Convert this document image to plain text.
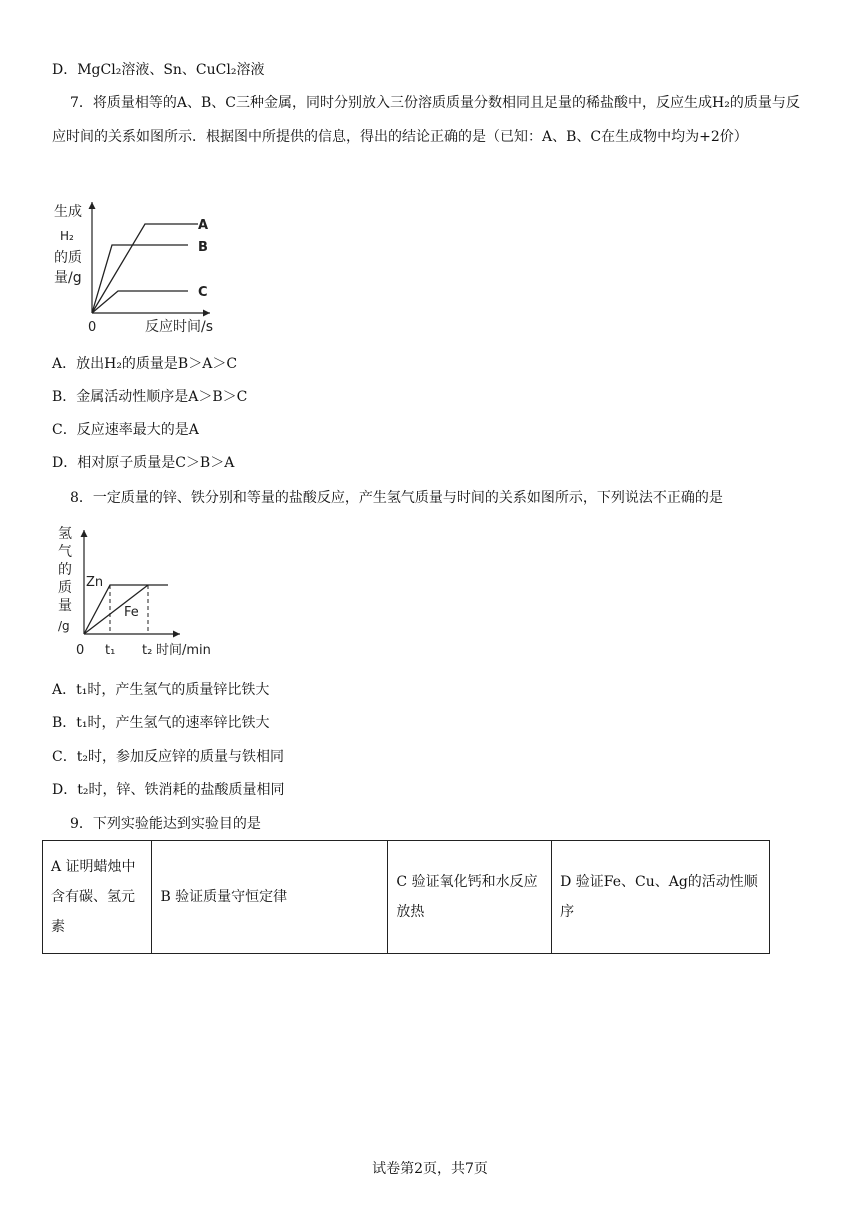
D．MgCl₂溶液、Sn、CuCl₂溶液
7．将质量相等的A、B、C三种金属，同时分别放入三份溶质质量分数相同且足量的稀盐酸中，反应生成H₂的质量与反应时间的关系如图所示．根据图中所提供的信息，得出的结论正确的是（已知：A、B、C在生成物中均为+2价）
生成
H₂
的质
量/g
0	反应时间/s
A
B
C
A．放出H₂的质量是B＞A＞C
B．金属活动性顺序是A＞B＞C
C．反应速率最大的是A
D．相对原子质量是C＞B＞A
8．一定质量的锌、铁分别和等量的盐酸反应，产生氢气质量与时间的关系如图所示，下列说法不正确的是
氢
气
的
质
量
/g
Zn
Fe
0 t₁ t₂ 时间/min
A．t₁时，产生氢气的质量锌比铁大
B．t₁时，产生氢气的速率锌比铁大
C．t₂时，参加反应锌的质量与铁相同
D．t₂时，锌、铁消耗的盐酸质量相同
9．下列实验能达到实验目的是
A 证明蜡烛中含有碳、氢元素	B 验证质量守恒定律	C 验证氧化钙和水反应放热	D 验证Fe、Cu、Ag的活动性顺序
试卷第2页，共7页
